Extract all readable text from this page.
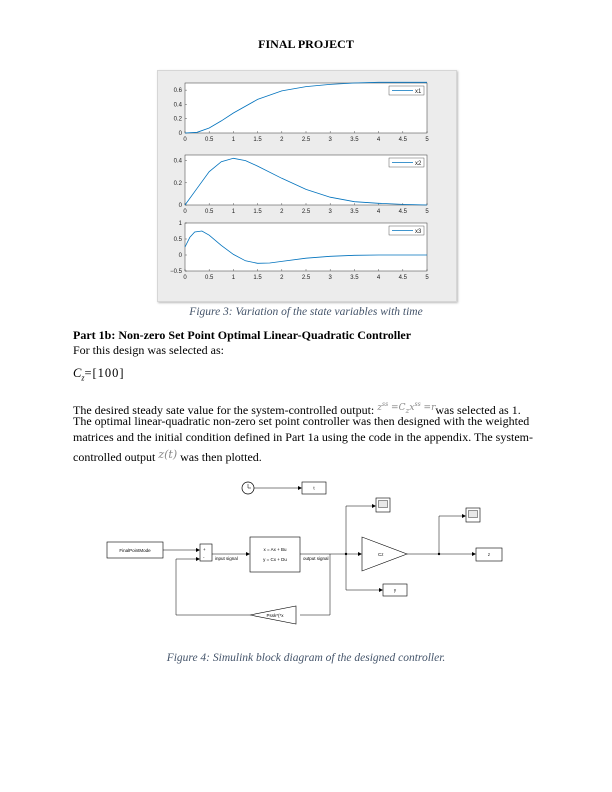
FINAL PROJECT
0	0.5	1	1.5	2	2.5	3	3.5	4	4.5	5
0
0.2
0.4
0.6	x1
0	0.5	1	1.5	2	2.5	3	3.5	4	4.5	5
0
0.2
0.4	x2
0	0.5	1	1.5	2	2.5	3	3.5	4	4.5	5
−0.5
0
0.5
1
x3
Figure 3: Variation of the state variables with time
Part 1b: Non-zero Set Point Optimal Linear-Quadratic Controller
For this design was selected as:
$C_z=[100]$
The desired steady sate value for the system-controlled output: $^{z^{ss} =C_zx^{ss} =r}$was selected as 1.
The optimal linear-quadratic non-zero set point controller was then designed with the weighted
matrices and the initial condition defined in Part 1a using the code in the appendix. The system-
controlled output z(t) was then plotted.
t
FinalPointMode	+
- input signal
x = Ax + Bu
y = Cx + Du	output signal
y
Cz	z
Pssk*(*x
Figure 4: Simulink block diagram of the designed controller.
